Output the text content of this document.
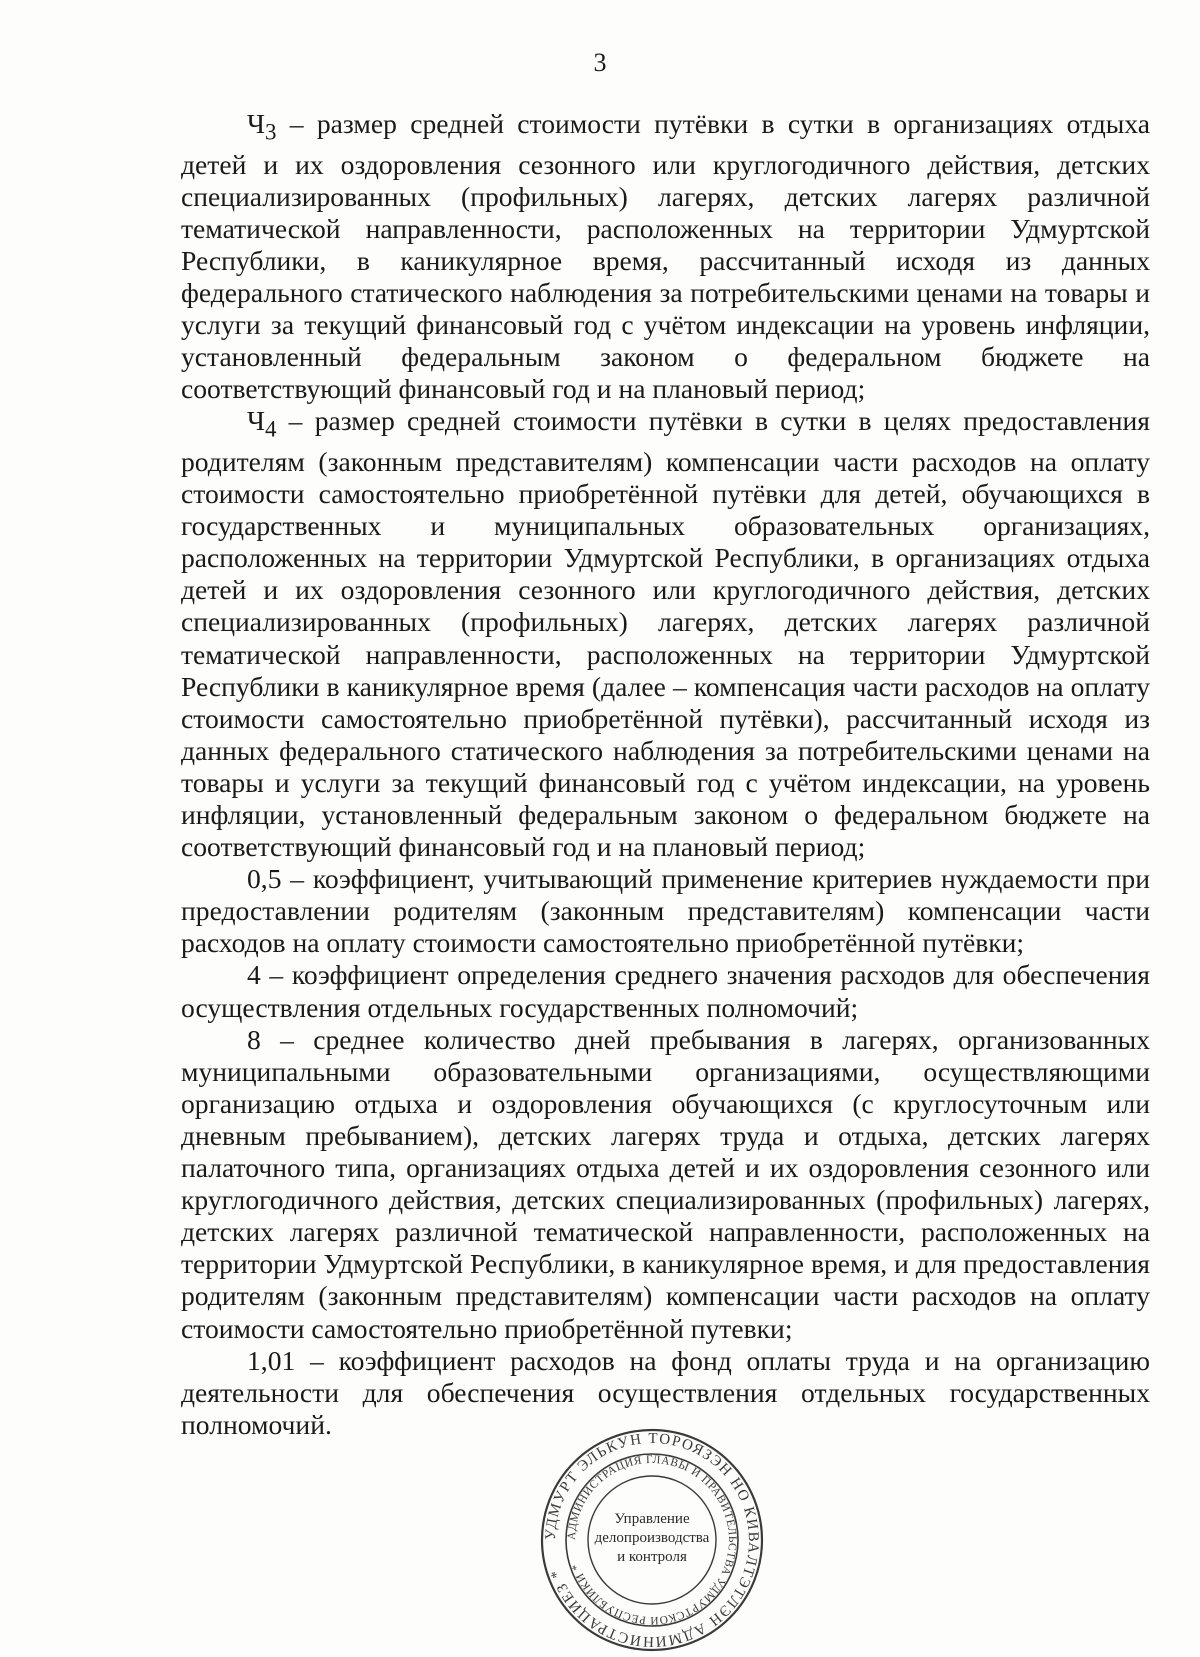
3

$Ч_3$ – размер средней стоимости путёвки в сутки в организациях отдыха детей и их оздоровления сезонного или круглогодичного действия, детских специализированных (профильных) лагерях, детских лагерях различной тематической направленности, расположенных на территории Удмуртской Республики, в каникулярное время, рассчитанный исходя из данных федерального статического наблюдения за потребительскими ценами на товары и услуги за текущий финансовый год с учётом индексации на уровень инфляции, установленный федеральным законом о федеральном бюджете на соответствующий финансовый год и на плановый период;

$Ч_4$ – размер средней стоимости путёвки в сутки в целях предоставления родителям (законным представителям) компенсации части расходов на оплату стоимости самостоятельно приобретённой путёвки для детей, обучающихся в государственных и муниципальных образовательных организациях, расположенных на территории Удмуртской Республики, в организациях отдыха детей и их оздоровления сезонного или круглогодичного действия, детских специализированных (профильных) лагерях, детских лагерях различной тематической направленности, расположенных на территории Удмуртской Республики в каникулярное время (далее – компенсация части расходов на оплату стоимости самостоятельно приобретённой путёвки), рассчитанный исходя из данных федерального статического наблюдения за потребительскими ценами на товары и услуги за текущий финансовый год с учётом индексации, на уровень инфляции, установленный федеральным законом о федеральном бюджете на соответствующий финансовый год и на плановый период;

0,5 – коэффициент, учитывающий применение критериев нуждаемости при предоставлении родителям (законным представителям) компенсации части расходов на оплату стоимости самостоятельно приобретённой путёвки;

4 – коэффициент определения среднего значения расходов для обеспечения осуществления отдельных государственных полномочий;

8 – среднее количество дней пребывания в лагерях, организованных муниципальными образовательными организациями, осуществляющими организацию отдыха и оздоровления обучающихся (с круглосуточным или дневным пребыванием), детских лагерях труда и отдыха, детских лагерях палаточного типа, организациях отдыха детей и их оздоровления сезонного или круглогодичного действия, детских специализированных (профильных) лагерях, детских лагерях различной тематической направленности, расположенных на территории Удмуртской Республики, в каникулярное время, и для предоставления родителям (законным представителям) компенсации части расходов на оплату стоимости самостоятельно приобретённой путевки;

1,01 – коэффициент расходов на фонд оплаты труда и на организацию деятельности для обеспечения осуществления отдельных государственных полномочий.

УДМУРТ ЭЛЬКУН ТОРОЯЗЭН НО КИВАЛТЭТЛЭН АДМИНИСТРАЦИЕЗ *
АДМИНИСТРАЦИЯ ГЛАВЫ И ПРАВИТЕЛЬСТВА УДМУРТСКОЙ РЕСПУБЛИКИ *
Управление
делопроизводства
и контроля
